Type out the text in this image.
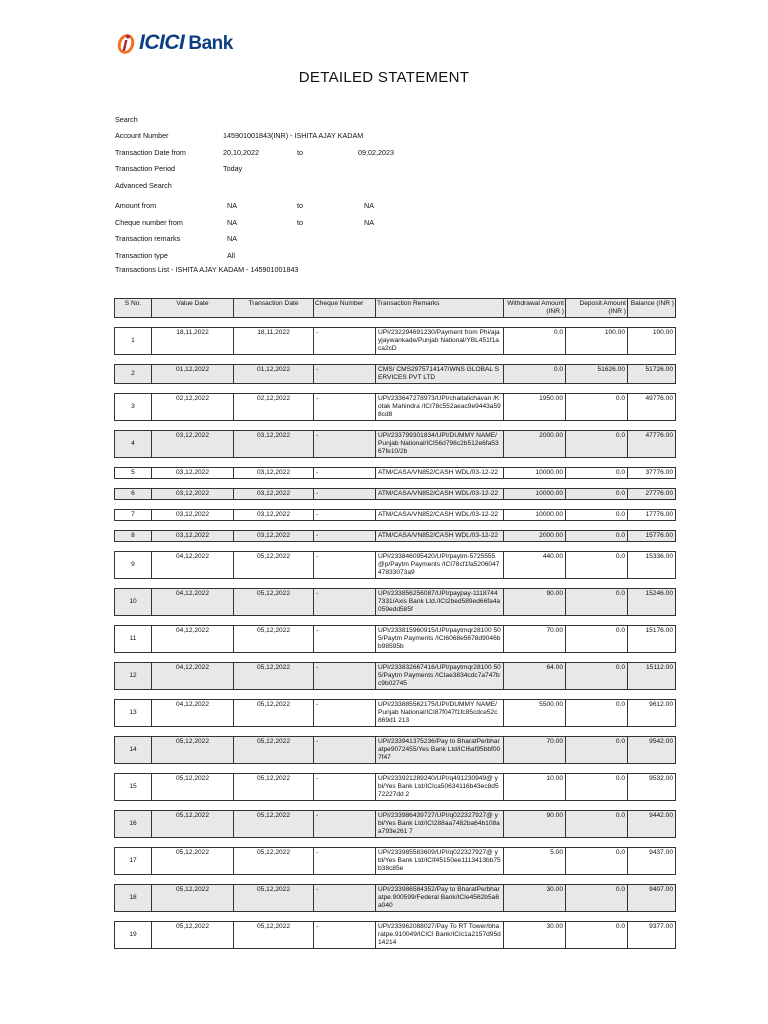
ICICI Bank
DETAILED STATEMENT
Search
Account Number	145901001843(INR) - ISHITA AJAY KADAM
Transaction Date from	20,10,2022	to	09,02,2023
Transaction Period	Today
Advanced Search
Amount from	NA	to	NA
Cheque number from	NA	to	NA
Transaction remarks	NA
Transaction type	All
Transactions List - ISHITA AJAY KADAM - 145901001843
S No.	Value Date	Transaction Date	Cheque Number	Transaction Remarks	Withdrawal Amount (INR )	Deposit Amount (INR )	Balance (INR )
1	18,11,2022	18,11,2022	-	UPI/232294691230/Payment from Phi/ajayjaywankade/Punjab National/YBL451f1aca2cD	0.0	100.00	100.00
2	01,12,2022	01,12,2022	-	CMS/ CMS2975714147/WNS GLOBAL SERVICES PVT LTD	0.0	51626.00	51726.00
3	02,12,2022	02,12,2022	-	UPI/233647278973/UPI/chaitalichavan /Kotak Mahindra /ICI78c552aeac9e9443a598cd8	1950.00	0.0	49776.00
4	03,12,2022	03,12,2022	-	UPI/233799301834/UPI/DUMMY NAME/Punjab National/ICI56d798c2b512e6fa5367fe10/2b	2000.00	0.0	47776.00
5	03,12,2022	03,12,2022	-	ATM/CASA/VN852/CASH WDL/03-12-22	10000.00	0.0	37776.00
6	03,12,2022	03,12,2022	-	ATM/CASA/VN852/CASH WDL/03-12-22	10000.00	0.0	27776.00
7	03,12,2022	03,12,2022	-	ATM/CASA/VN852/CASH WDL/03-12-22	10000.00	0.0	17776.00
8	03,12,2022	03,12,2022	-	ATM/CASA/VN852/CASH WDL/03-12-22	2000.00	0.0	15776.00
9	04,12,2022	05,12,2022	-	UPI/233846095420/UPI/paytm-5725555@p/Paytm Payments /ICI78cf1fa520604747833073a9	440.00	0.0	15336.00
10	04,12,2022	05,12,2022	-	UPI/233856256087/UPI/paypay-11187447331/Axis Bank Ltd./ICI2bed589ed66fa4a059edd585f	90.00	0.0	15246.00
11	04,12,2022	05,12,2022	-	UPI/233815960915/UPI/paytmqr28100 505/Paytm Payments /ICI6068e5678d9046bb98595b	70.00	0.0	15176.00
12	04,12,2022	05,12,2022	-	UPI/233832667416/UPI/paytmqr28100 505/Paytm Payments /ICIae3834cdc7a747bc9b02745	64.00	0.0	15112.00
13	04,12,2022	05,12,2022	-	UPI/233885562175/UPI/DUMMY NAME/Punjab National/ICI87f047f1fc85cdce52c869d1 213	5500.00	0.0	9612.00
14	05,12,2022	05,12,2022	-	UPI/233941375236/Pay to BharatPe/bharatpe9072455/Yes Bank Ltd/ICI6af95bbf007f47	70.00	0.0	9542.00
15	05,12,2022	05,12,2022	-	UPI/233921289240/UPI/q491230949@ ybl/Yes Bank Ltd/ICIca50634116b43ec8d572227dd 2	10.00	0.0	9532.00
16	05,12,2022	05,12,2022	-	UPI/233986439727/UPI/q022327927@ ybl/Yes Bank Ltd/ICI288aa7482ba64b108aa793e261 7	90.00	0.0	9442.00
17	05,12,2022	05,12,2022	-	UPI/233985583609/UPI/q022327927@ ybl/Yes Bank Ltd/ICIf45150ee1113413bb75b38c85e	5.00	0.0	9437.00
18	05,12,2022	05,12,2022	-	UPI/233986584352/Pay to BharatPe/bharatpe.900599/Federal Bank/ICIe4562b5a6a040	30.00	0.0	9407.00
19	05,12,2022	05,12,2022	-	UPI/233962088027/Pay To RT Tower/bharatpe.910049/ICICI Bank/ICIc1a2157d95d14214	30.00	0.0	9377.00
